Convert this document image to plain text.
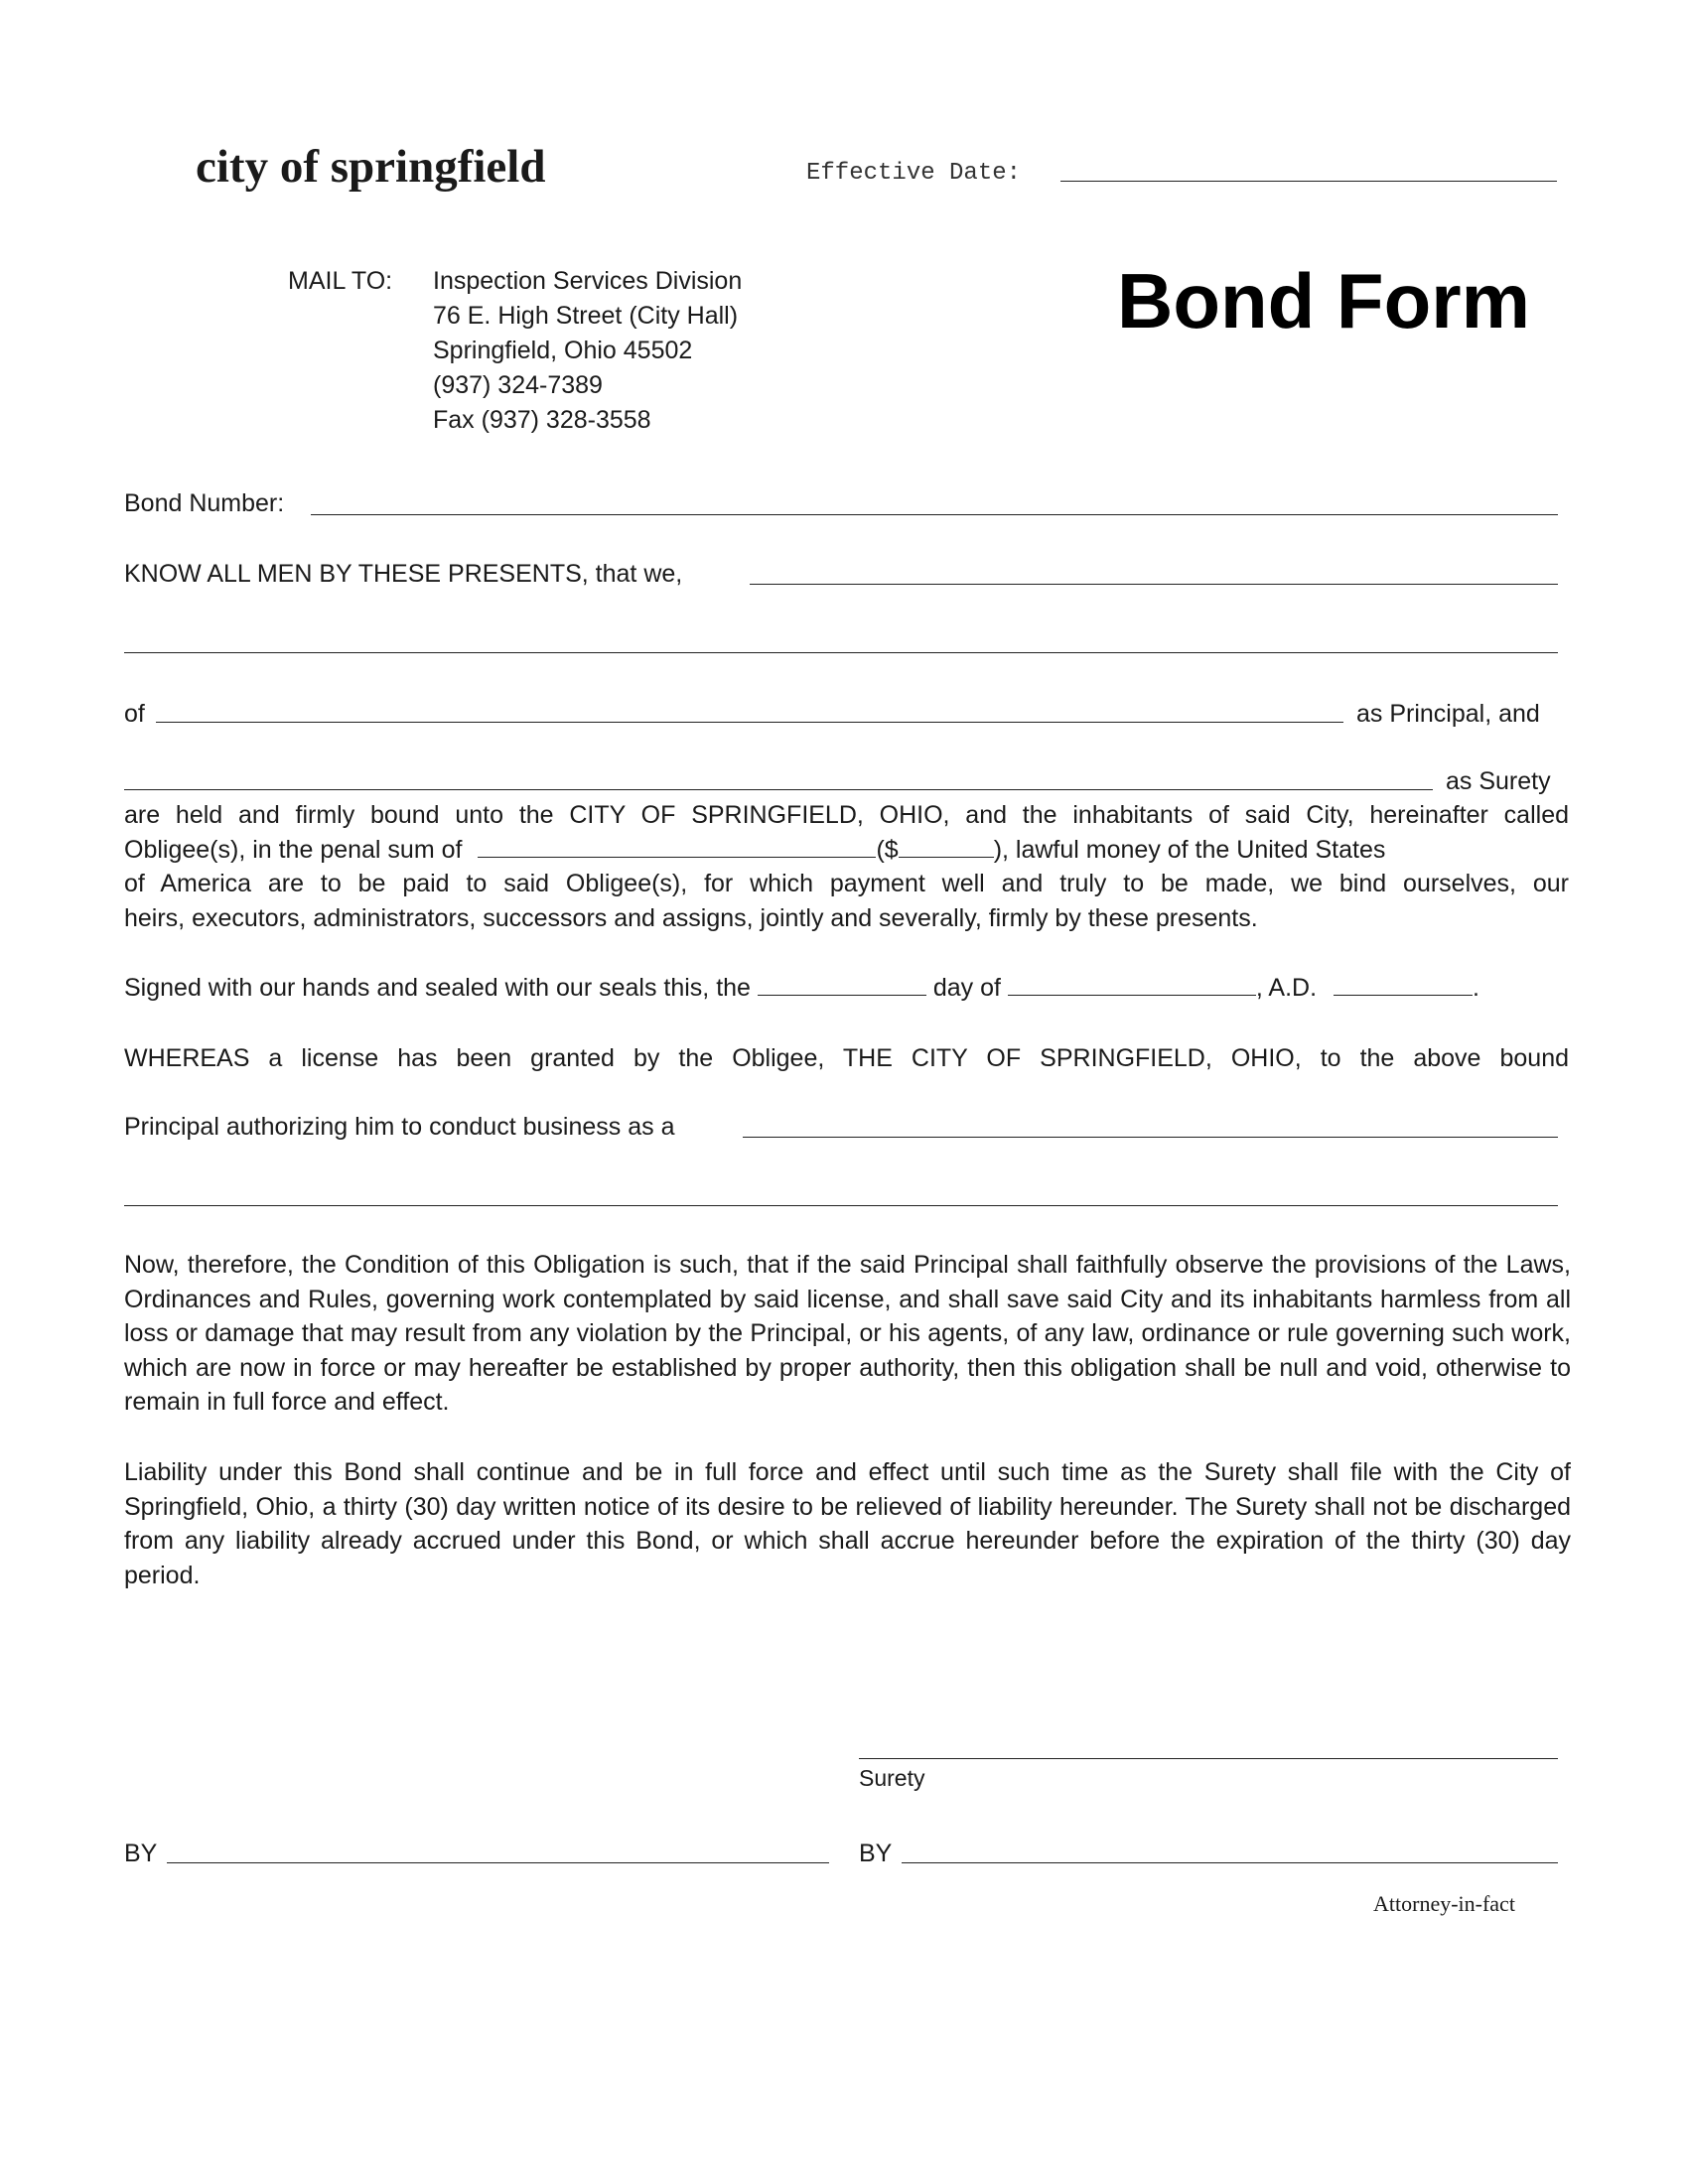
city of springfield	Effective Date:
Bond Form
MAIL TO: Inspection Services Division
76 E. High Street (City Hall)
Springfield, Ohio 45502
(937) 324-7389
Fax (937) 328-3558
Bond Number:
KNOW ALL MEN BY THESE PRESENTS, that we,
of	as Principal, and
as Surety
are held and firmly bound unto the CITY OF SPRINGFIELD, OHIO, and the inhabitants of said City, hereinafter called
Obligee(s), in the penal sum of	($	), lawful money of the United States
of America are to be paid to said Obligee(s), for which payment well and truly to be made, we bind ourselves, our
heirs, executors, administrators, successors and assigns, jointly and severally, firmly by these presents.
Signed with our hands and sealed with our seals this, the	day of	, A.D.	.
WHEREAS a license has been granted by the Obligee, THE CITY OF SPRINGFIELD, OHIO, to the above bound
Principal authorizing him to conduct business as a
Now, therefore, the Condition of this Obligation is such, that if the said Principal shall faithfully observe the provisions of the Laws, Ordinances and Rules, governing work contemplated by said license, and shall save said City and its inhabitants harmless from all loss or damage that may result from any violation by the Principal, or his agents, of any law, ordinance or rule governing such work, which are now in force or may hereafter be established by proper authority, then this obligation shall be null and void, otherwise to remain in full force and effect.
Liability under this Bond shall continue and be in full force and effect until such time as the Surety shall file with the City of Springfield, Ohio, a thirty (30) day written notice of its desire to be relieved of liability hereunder. The Surety shall not be discharged from any liability already accrued under this Bond, or which shall accrue hereunder before the expiration of the thirty (30) day period.
Surety
BY	BY
Attorney-in-fact
